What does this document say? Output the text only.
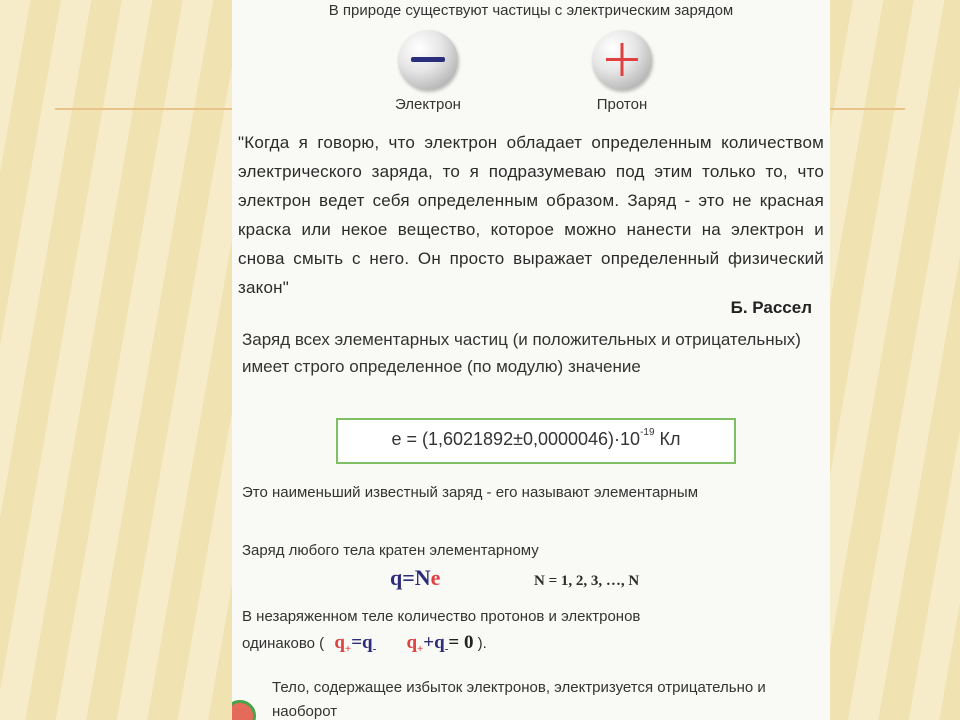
В природе существуют частицы с электрическим зарядом
Электрон	Протон
"Когда я говорю, что электрон обладает определенным количеством электрического заряда, то я подразумеваю под этим только то, что электрон ведет себя определенным образом. Заряд - это не красная краска или некое вещество, которое можно нанести на электрон и снова смыть с него. Он просто выражает определенный физический закон"
Б. Рассел
Заряд всех элементарных частиц (и положительных и отрицательных) имеет строго определенное (по модулю) значение
$e = (1,6021892\pm 0,0000046)\cdot 10^{-19}$ Кл
Это наименьший известный заряд - его называют элементарным
Заряд любого тела кратен элементарному
q=Ne	N = 1, 2, 3, …, N
В незаряженном теле количество протонов и электронов
одинаково ( $q_+=q_-$ $q_++q_-= 0$ ).
Тело, содержащее избыток электронов, электризуется отрицательно и наоборот
